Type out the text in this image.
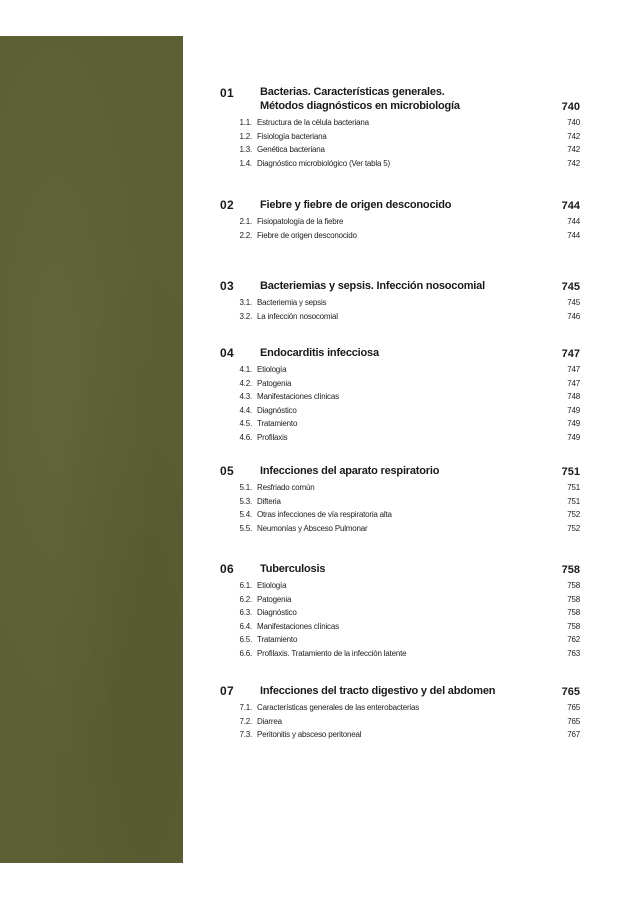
01	Bacterias. Características generales.
Métodos diagnósticos en microbiología	740
1.1. Estructura de la célula bacteriana	740
1.2. Fisiología bacteriana	742
1.3. Genética bacteriana	742
1.4. Diagnóstico microbiológico (Ver tabla 5)	742
02	Fiebre y fiebre de origen desconocido	744
2.1. Fisiopatología de la fiebre	744
2.2. Fiebre de origen desconocido	744
03	Bacteriemias y sepsis. Infección nosocomial	745
3.1. Bacteriemia y sepsis	745
3.2. La infección nosocomial	746
04	Endocarditis infecciosa	747
4.1. Etiología	747
4.2. Patogenia	747
4.3. Manifestaciones clínicas	748
4.4. Diagnóstico	749
4.5. Tratamiento	749
4.6. Profilaxis	749
05	Infecciones del aparato respiratorio	751
5.1. Resfriado común	751
5.3. Difteria	751
5.4. Otras infecciones de vía respiratoria alta	752
5.5. Neumonías y Absceso Pulmonar	752
06	Tuberculosis	758
6.1. Etiología	758
6.2. Patogenia	758
6.3. Diagnóstico	758
6.4. Manifestaciones clínicas	758
6.5. Tratamiento	762
6.6. Profilaxis. Tratamiento de la infección latente	763
07	Infecciones del tracto digestivo y del abdomen	765
7.1. Características generales de las enterobacterias	765
7.2. Diarrea	765
7.3. Peritonitis y absceso peritoneal	767
